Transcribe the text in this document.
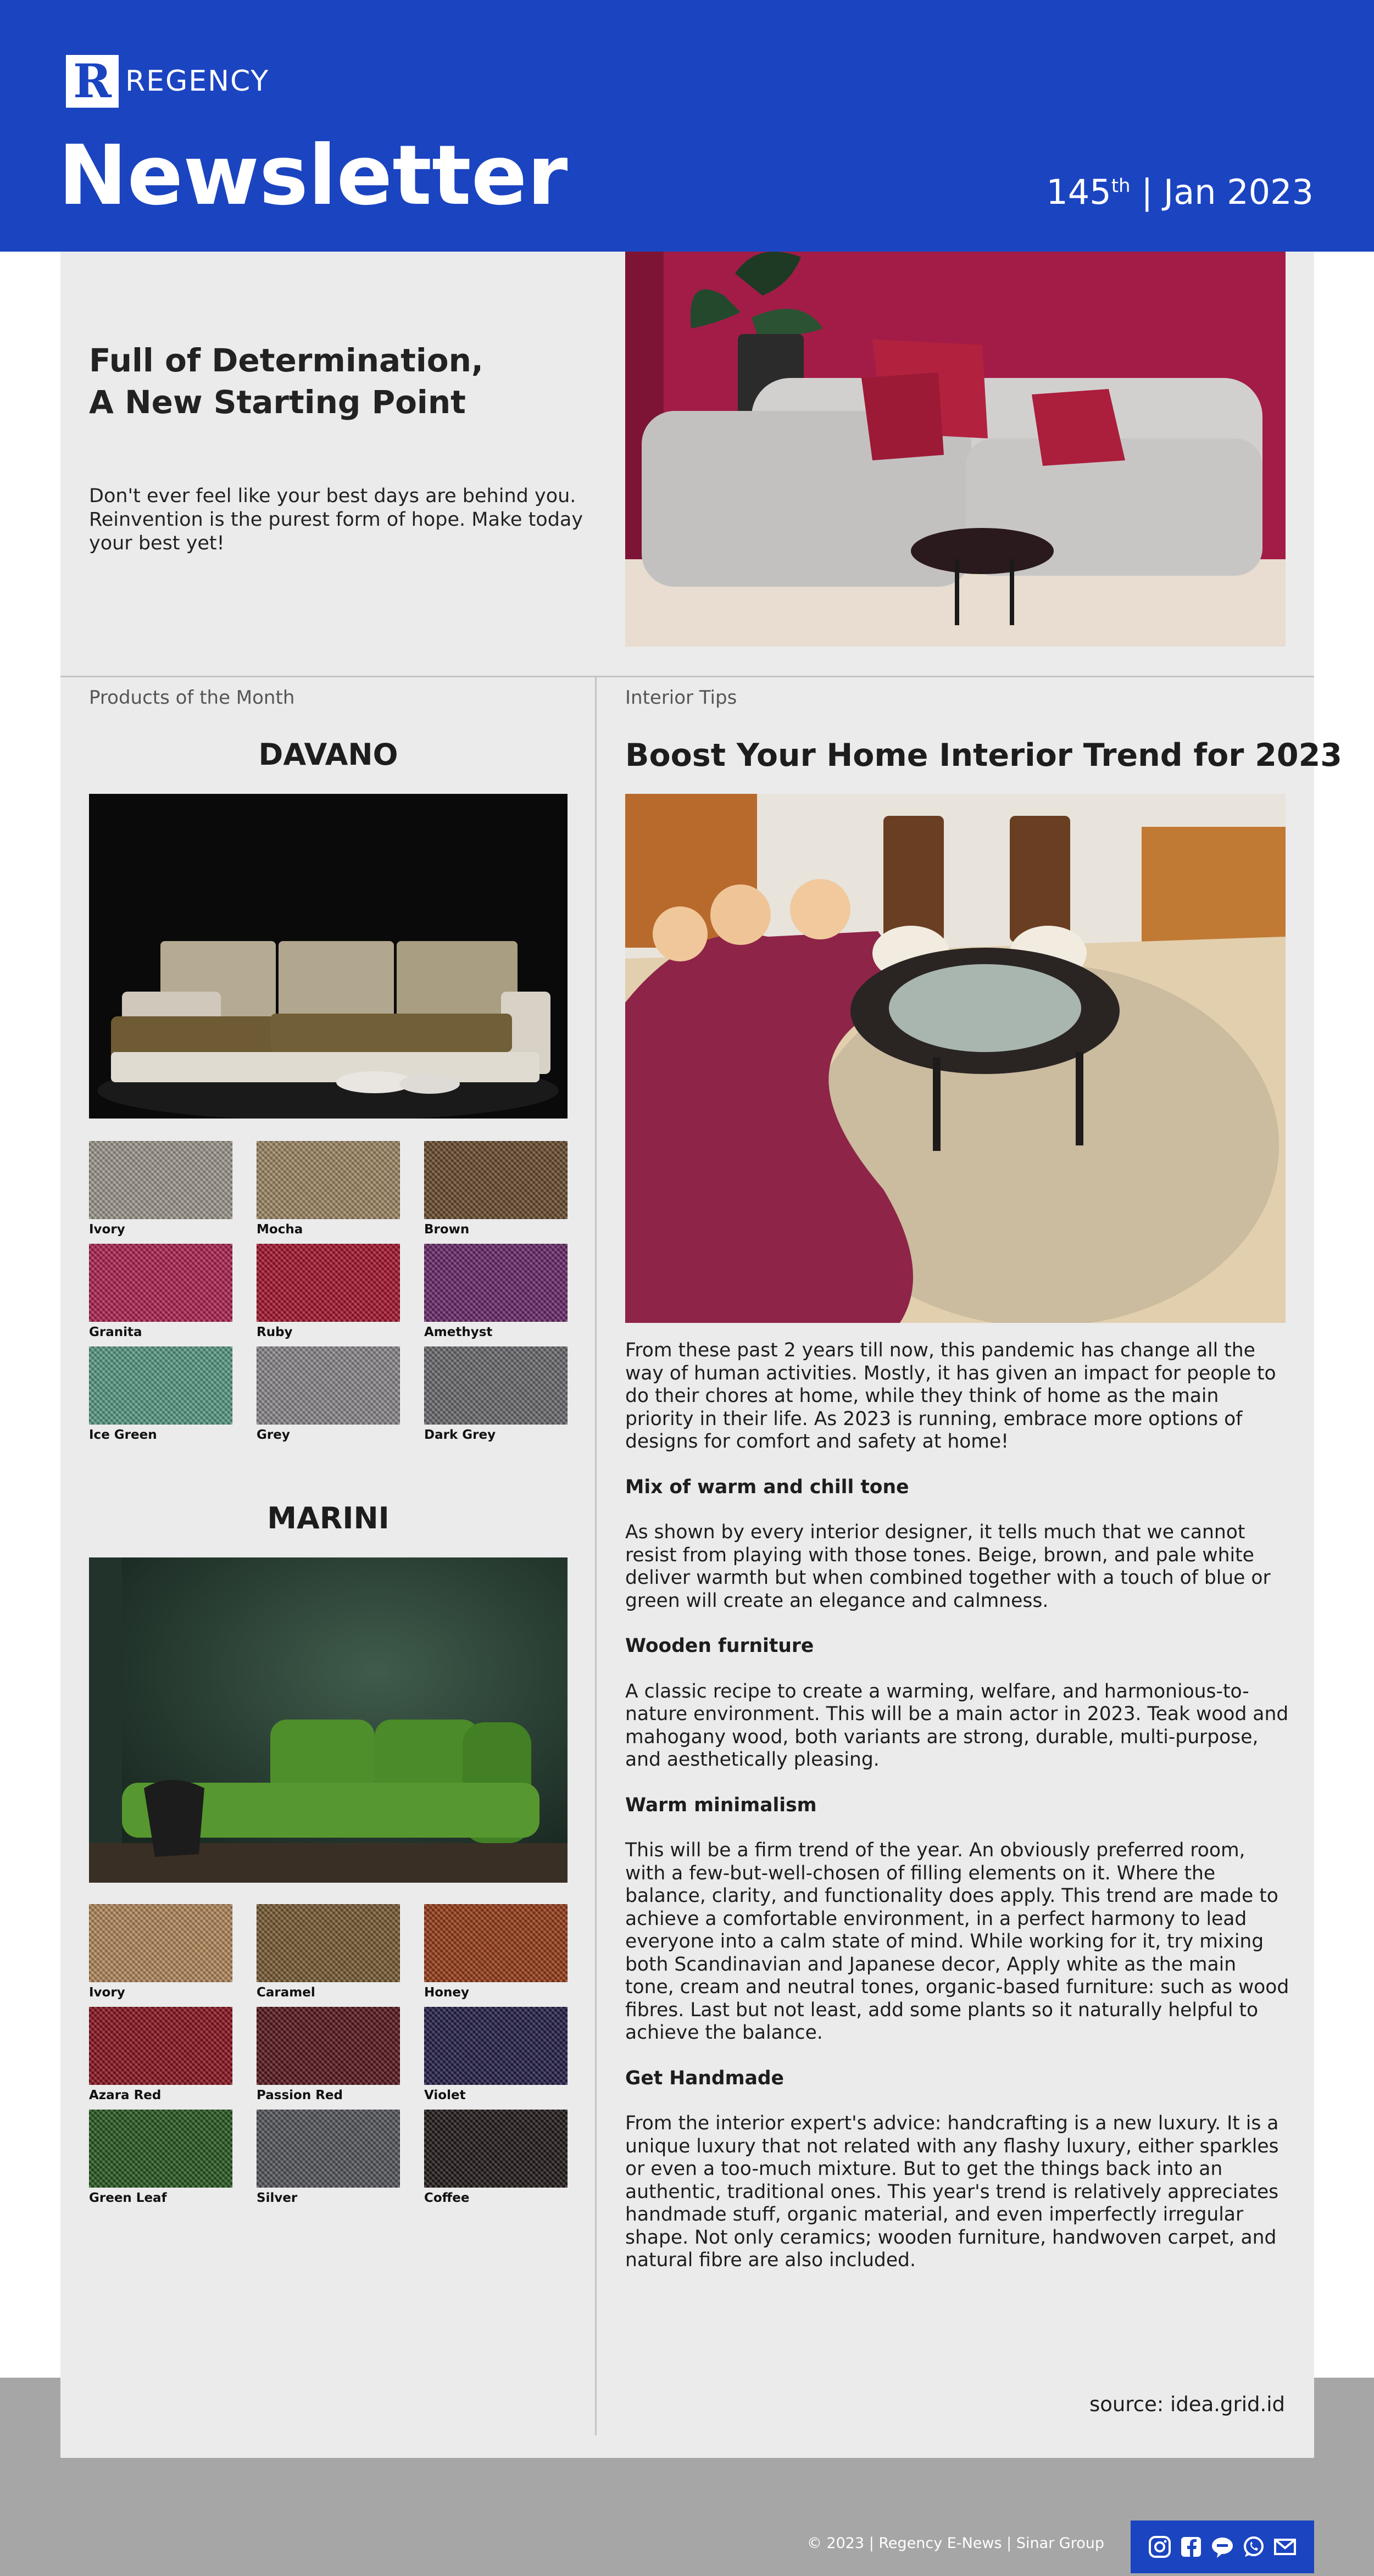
R REGENCY
Newsletter	145th | Jan 2023
Full of Determination,
A New Starting Point
Don't ever feel like your best days are behind you. Reinvention is the purest form of hope. Make today your best yet!
Products of the Month
DAVANO
Ivory	Mocha	Brown
Granita	Ruby	Amethyst
Ice Green	Grey	Dark Grey
MARINI
Ivory	Caramel	Honey
Azara Red	Passion Red	Violet
Green Leaf	Silver	Coffee
Interior Tips
Boost Your Home Interior Trend for 2023

From these past 2 years till now, this pandemic has change all the way of human activities. Mostly, it has given an impact for people to do their chores at home, while they think of home as the main priority in their life. As 2023 is running, embrace more options of designs for comfort and safety at home!

Mix of warm and chill tone

As shown by every interior designer, it tells much that we cannot resist from playing with those tones. Beige, brown, and pale white deliver warmth but when combined together with a touch of blue or green will create an elegance and calmness.

Wooden furniture

A classic recipe to create a warming, welfare, and harmonious-to-nature environment. This will be a main actor in 2023. Teak wood and mahogany wood, both variants are strong, durable, multi-purpose, and aesthetically pleasing.

Warm minimalism

This will be a firm trend of the year. An obviously preferred room, with a few-but-well-chosen of filling elements on it. Where the balance, clarity, and functionality does apply. This trend are made to achieve a comfortable environment, in a perfect harmony to lead everyone into a calm state of mind. While working for it, try mixing both Scandinavian and Japanese decor, Apply white as the main tone, cream and neutral tones, organic-based furniture: such as wood fibres. Last but not least, add some plants so it naturally helpful to achieve the balance.

Get Handmade

From the interior expert's advice: handcrafting is a new luxury. It is a unique luxury that not related with any flashy luxury, either sparkles or even a too-much mixture. But to get the things back into an authentic, traditional ones. This year's trend is relatively appreciates handmade stuff, organic material, and even imperfectly irregular shape. Not only ceramics; wooden furniture, handwoven carpet, and natural fibre are also included.

source: idea.grid.id
© 2023 | Regency E-News | Sinar Group
